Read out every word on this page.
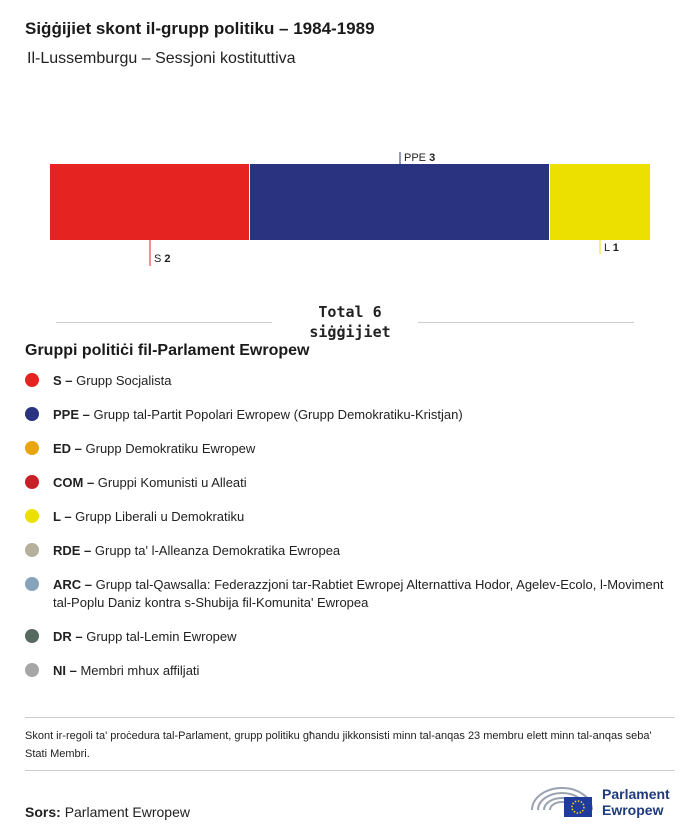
Siġġijiet skont il-grupp politiku – 1984-1989
Il-Lussemburgu – Sessjoni kostituttiva
S 2
PPE 3
L 1
Total 6
siġġijiet
Gruppi politiċi fil-Parlament Ewropew
S – Grupp Socjalista
PPE – Grupp tal-Partit Popolari Ewropew (Grupp Demokratiku-Kristjan)
ED – Grupp Demokratiku Ewropew
COM – Gruppi Komunisti u Alleati
L – Grupp Liberali u Demokratiku
RDE – Grupp ta' l-Alleanza Demokratika Ewropea
ARC – Grupp tal-Qawsalla: Federazzjoni tar-Rabtiet Ewropej Alternattiva Hodor, Agelev-Ecolo, l-Moviment tal-Poplu Daniz kontra s-Shubija fil-Komunita' Ewropea
DR – Grupp tal-Lemin Ewropew
NI – Membri mhux affiljati
Skont ir-regoli ta' proċedura tal-Parlament, grupp politiku għandu jikkonsisti minn tal-anqas 23 membru elett minn tal-anqas seba' Stati Membri.
Sors: Parlament Ewropew
Parlament
Ewropew
